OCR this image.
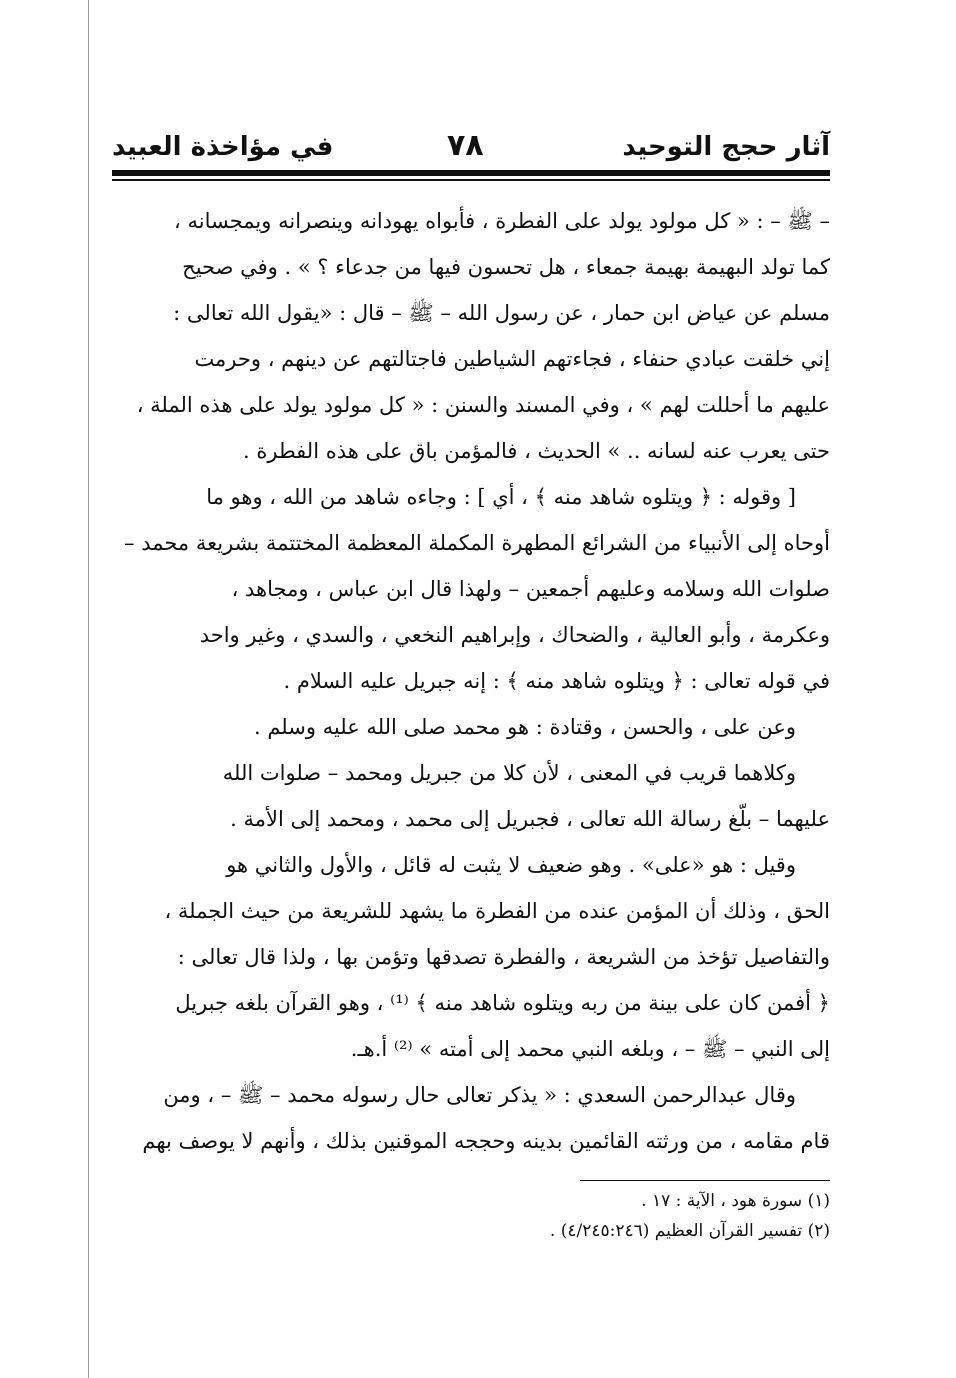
آثار حجج التوحيد
٧٨
في مؤاخذة العبيد
– ﷺ – : « كل مولود يولد على الفطرة ، فأبواه يهودانه وينصرانه ويمجسانه ،
كما تولد البهيمة بهيمة جمعاء ، هل تحسون فيها من جدعاء ؟ » . وفي صحيح
مسلم عن عياض ابن حمار ، عن رسول الله – ﷺ – قال : «يقول الله تعالى :
إني خلقت عبادي حنفاء ، فجاءتهم الشياطين فاجتالتهم عن دينهم ، وحرمت
عليهم ما أحللت لهم » ، وفي المسند والسنن : « كل مولود يولد على هذه الملة ،
حتى يعرب عنه لسانه .. » الحديث ، فالمؤمن باق على هذه الفطرة .
[ وقوله : ﴿ ويتلوه شاهد منه ﴾ ، أي ] : وجاءه شاهد من الله ، وهو ما
أوحاه إلى الأنبياء من الشرائع المطهرة المكملة المعظمة المختتمة بشريعة محمد –
صلوات الله وسلامه وعليهم أجمعين – ولهذا قال ابن عباس ، ومجاهد ،
وعكرمة ، وأبو العالية ، والضحاك ، وإبراهيم النخعي ، والسدي ، وغير واحد
في قوله تعالى : ﴿ ويتلوه شاهد منه ﴾ : إنه جبريل عليه السلام .
وعن على ، والحسن ، وقتادة : هو محمد صلى الله عليه وسلم .
وكلاهما قريب في المعنى ، لأن كلا من جبريل ومحمد – صلوات الله
عليهما – بلّغ رسالة الله تعالى ، فجبريل إلى محمد ، ومحمد إلى الأمة .
وقيل : هو «على» . وهو ضعيف لا يثبت له قائل ، والأول والثاني هو
الحق ، وذلك أن المؤمن عنده من الفطرة ما يشهد للشريعة من حيث الجملة ،
والتفاصيل تؤخذ من الشريعة ، والفطرة تصدقها وتؤمن بها ، ولذا قال تعالى :
﴿ أفمن كان على بينة من ربه ويتلوه شاهد منه ﴾ ⁽¹⁾ ، وهو القرآن بلغه جبريل
إلى النبي – ﷺ – ، وبلغه النبي محمد إلى أمته » ⁽²⁾ أ.هـ.
وقال عبدالرحمن السعدي : « يذكر تعالى حال رسوله محمد – ﷺ – ، ومن
قام مقامه ، من ورثته القائمين بدينه وحججه الموقنين بذلك ، وأنهم لا يوصف بهم
(١) سورة هود ، الآية : ١٧ .
(٢) تفسير القرآن العظيم (٤/٢٤٥:٢٤٦) .
